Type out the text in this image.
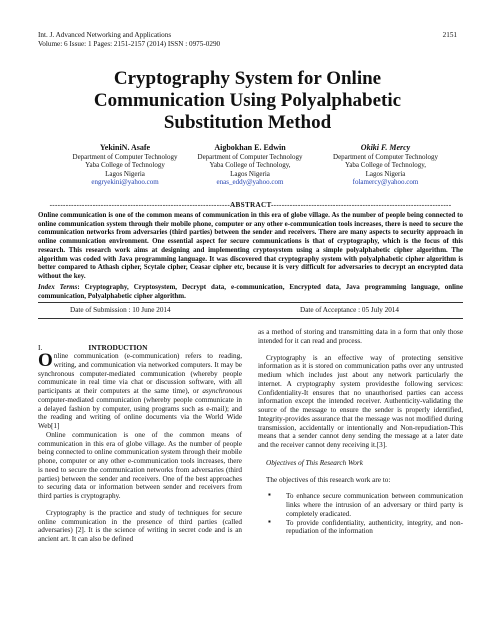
Int. J. Advanced Networking and Applications
Volume: 6 Issue: 1 Pages: 2151-2157 (2014) ISSN : 0975-0290
2151
Cryptography System for Online
Communication Using Polyalphabetic
Substitution Method
YekiniN. Asafe
Department of Computer Technology
Yaba College of Technology
Lagos Nigeria
engryekini@yahoo.com
Aigbokhan E. Edwin
Department of Computer Technology
Yaba College of Technology,
Lagos Nigeria
enas_eddy@yahoo.com
Okiki F. Mercy
Department of Computer Technology
Yaba College of Technology,
Lagos Nigeria
folamercy@yahoo.com
-------------------------------------------------------------------ABSTRACT-------------------------------------------------------------------
Online communication is one of the common means of communication in this era of globe village. As the number of people being connected to online communication system through their mobile phone, computer or any other e-communication tools increases, there is need to secure the communication networks from adversaries (third parties) between the sender and receivers. There are many aspects to security approach in online communication environment. One essential aspect for secure communications is that of cryptography, which is the focus of this research. This research work aims at designing and implementing cryptosystem using a simple polyalphabetic cipher algorithm. The algorithm was coded with Java programming language. It was discovered that cryptography system with polyalphabetic cipher algorithm is better compared to Athash cipher, Scytale cipher, Ceasar cipher etc, because it is very difficult for adversaries to decrypt an encrypted data without the key.
Index Terms: Cryptography, Cryptosystem, Decrypt data, e-communication, Encrypted data, Java programming language, online communication, Polyalphabetic cipher algorithm.
Date of Submission : 10 June 2014	Date of Acceptance : 05 July 2014
I.	INTRODUCTION

Online communication (e-communication) refers to reading, writing, and communication via networked computers. It may be synchronous computer-mediated communication (whereby people communicate in real time via chat or discussion software, with all participants at their computers at the same time), or asynchronous computer-mediated communication (whereby people communicate in a delayed fashion by computer, using programs such as e-mail); and the reading and writing of online documents via the World Wide Web[1]

Online communication is one of the common means of communication in this era of globe village. As the number of people being connected to online communication system through their mobile phone, computer or any other e-communication tools increases, there is need to secure the communication networks from adversaries (third parties) between the sender and receivers. One of the best approaches to securing data or information between sender and receivers from third parties is cryptography.

Cryptography is the practice and study of techniques for secure online communication in the presence of third parties (called adversaries) [2]. It is the science of writing in secret code and is an ancient art. It can also be defined

as a method of storing and transmitting data in a form that only those intended for it can read and process.

Cryptography is an effective way of protecting sensitive information as it is stored on communication paths over any untrusted medium which includes just about any network particularly the internet. A cryptography system providesthe following services: Confidentiality-It ensures that no unauthorised parties can access information except the intended receiver. Authenticity-validating the source of the message to ensure the sender is properly identified, Integrity-provides assurance that the message was not modified during transmission, accidentally or intentionally and Non-repudiation-This means that a sender cannot deny sending the message at a later date and the receiver cannot deny receiving it.[3].

Objectives of This Research Work

The objectives of this research work are to:

▪ To enhance secure communication between communication links where the intrusion of an adversary or third party is completely eradicated.
▪ To provide confidentiality, authenticity, integrity, and non-repudiation of the information
